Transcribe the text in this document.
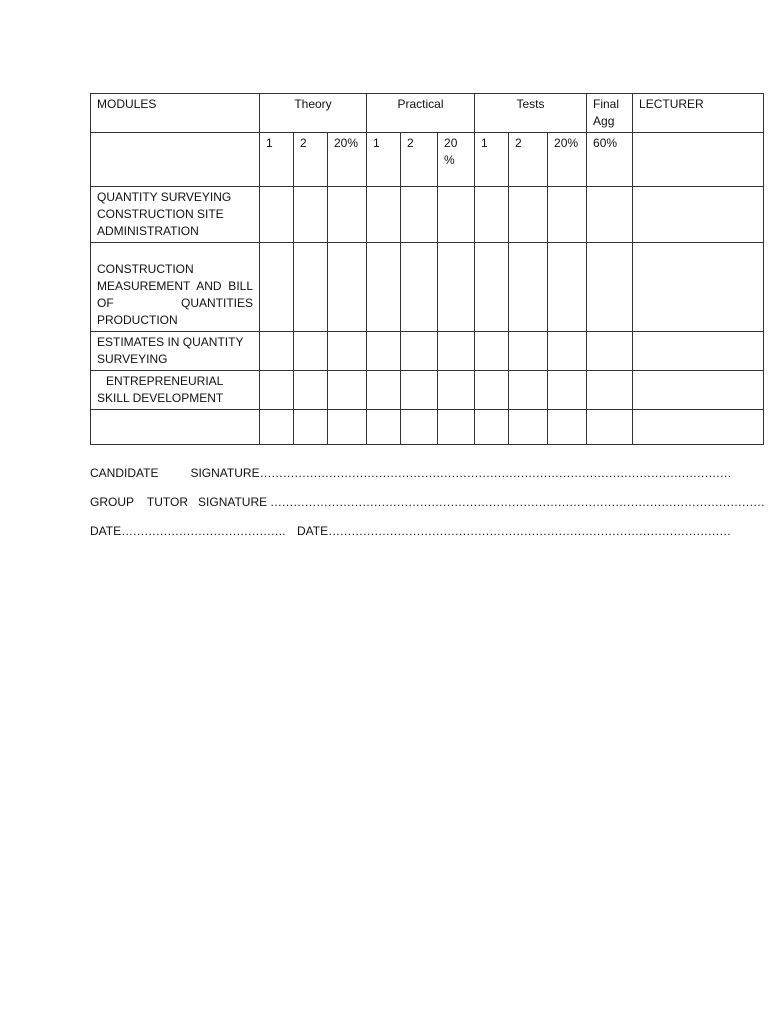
MODULES	Theory			Practical			Tests			Final Agg	LECTURER
	1	2	20%	1	2	20 %	1	2	20%	60%	
QUANTITY SURVEYING CONSTRUCTION SITE ADMINISTRATION											
CONSTRUCTION MEASUREMENT AND BILL OF QUANTITIES PRODUCTION											
ESTIMATES IN QUANTITY SURVEYING											
ENTREPRENEURIAL SKILL DEVELOPMENT											

CANDIDATE	SIGNATURE……………………………………………………………………………………………………………
GROUP    TUTOR   SIGNATURE …………………………………………………………………………………………………………………
DATE……………………………………. DATE……………………………………………………………………………………………
